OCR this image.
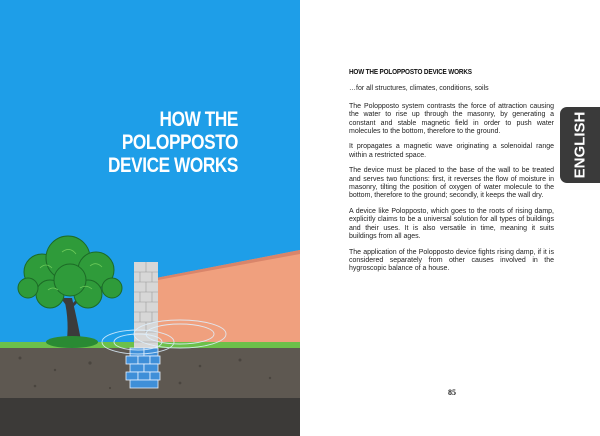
HOW THE POLOPPOSTO
DEVICE WORKS
HOW THE POLOPPOSTO DEVICE WORKS

…for all structures, climates, conditions, soils

The Polopposto system contrasts the force of attraction causing the water to rise up through the masonry, by generating a constant and stable magnetic field in order to push water molecules to the bottom, therefore to the ground.

It propagates a magnetic wave originating a solenoidal range within a restricted space.

The device must be placed to the base of the wall to be treated and serves two functions: first, it reverses the flow of moisture in masonry, tilting the position of oxygen of water molecule to the bottom, therefore to the ground; secondly, it keeps the wall dry.

A device like Polopposto, which goes to the roots of rising damp, explicitly claims to be a universal solution for all types of buildings and their uses. It is also versatile in time, meaning it suits buildings from all ages.

The application of the Polopposto device fights rising damp, if it is considered separately from other causes involved in the hygroscopic balance of a house.

ENGLISH
85
